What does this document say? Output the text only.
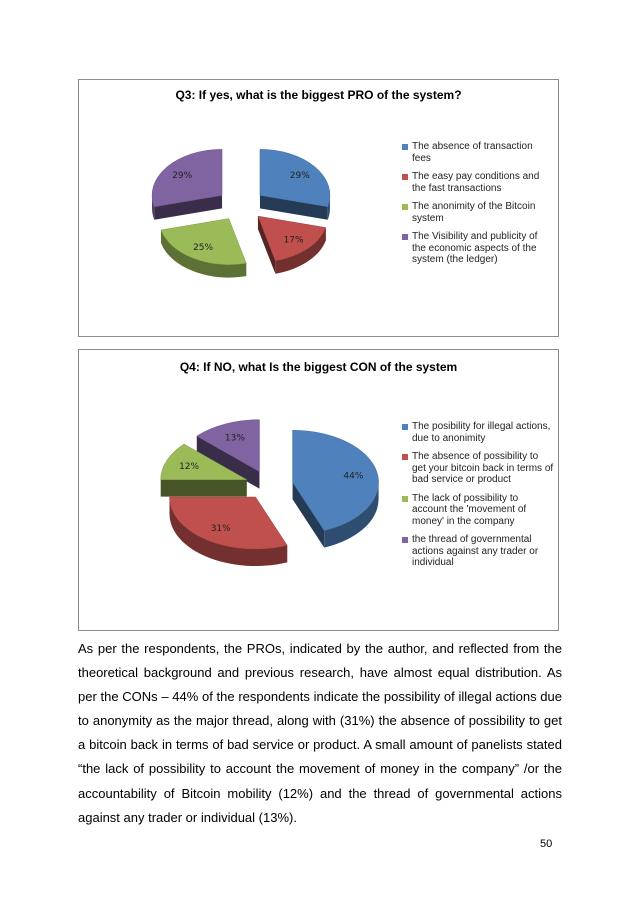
Q3: If yes, what is the biggest PRO of the system?
29%
17%
25%
29%
The absence of transaction fees
The easy pay conditions and the fast transactions
The anonimity of the Bitcoin system
The Visibility and publicity of the economic aspects of the system (the ledger)
Q4: If NO, what Is the biggest CON of the system
44%
31%
12%
13%
The posibility for illegal actions, due to anonimity
The absence of possibility to get your bitcoin back in terms of bad service or product
The lack of possibility to account the 'movement of money' in the company
the thread of governmental actions against any trader or individual

As per the respondents, the PROs, indicated by the author, and reflected from the theoretical background and previous research, have almost equal distribution. As per the CONs – 44% of the respondents indicate the possibility of illegal actions due to anonymity as the major thread, along with (31%) the absence of possibility to get a bitcoin back in terms of bad service or product. A small amount of panelists stated “the lack of possibility to account the movement of money in the company” /or the accountability of Bitcoin mobility (12%) and the thread of governmental actions against any trader or individual (13%).

50
